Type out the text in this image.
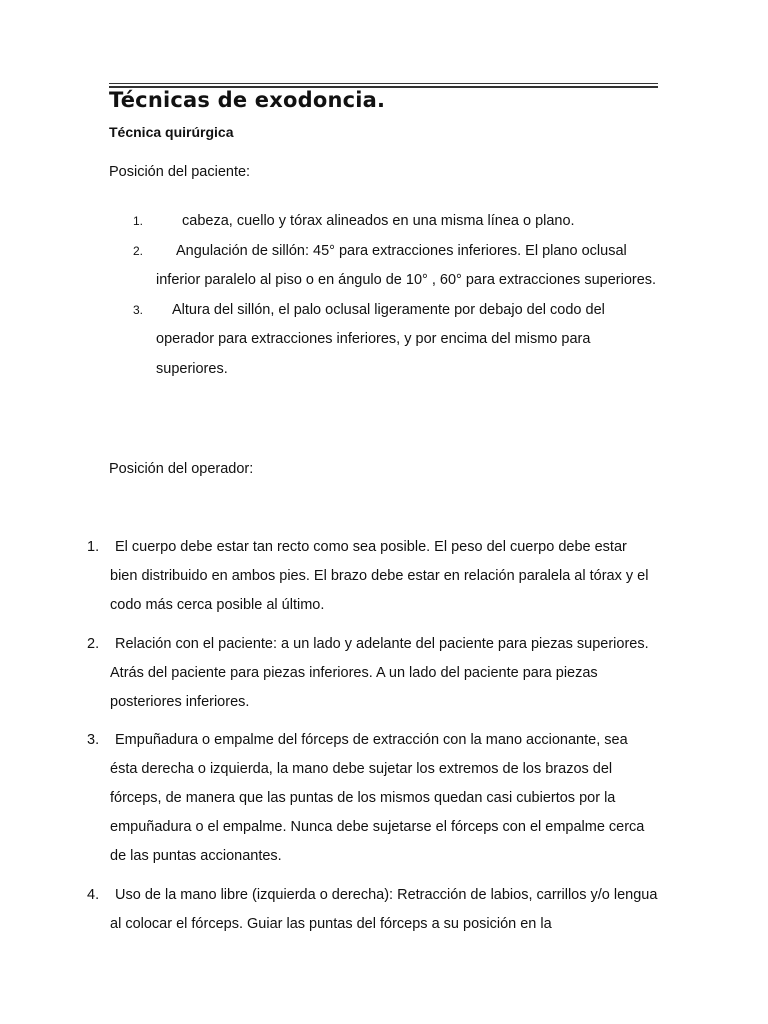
Técnicas de exodoncia.
Técnica quirúrgica

Posición del paciente:

1. cabeza, cuello y tórax alineados en una misma línea o plano.
2. Angulación de sillón: 45° para extracciones inferiores. El plano oclusal inferior paralelo al piso o en ángulo de 10° , 60° para extracciones superiores.
3. Altura del sillón, el palo oclusal ligeramente por debajo del codo del operador para extracciones inferiores, y por encima del mismo para superiores.

Posición del operador:

1. El cuerpo debe estar tan recto como sea posible. El peso del cuerpo debe estar bien distribuido en ambos pies. El brazo debe estar en relación paralela al tórax y el codo más cerca posible al último.
2. Relación con el paciente: a un lado y adelante del paciente para piezas superiores. Atrás del paciente para piezas inferiores. A un lado del paciente para piezas posteriores inferiores.
3. Empuñadura o empalme del fórceps de extracción con la mano accionante, sea ésta derecha o izquierda, la mano debe sujetar los extremos de los brazos del fórceps, de manera que las puntas de los mismos quedan casi cubiertos por la empuñadura o el empalme. Nunca debe sujetarse el fórceps con el empalme cerca de las puntas accionantes.
4. Uso de la mano libre (izquierda o derecha): Retracción de labios, carrillos y/o lengua al colocar el fórceps. Guiar las puntas del fórceps a su posición en la
